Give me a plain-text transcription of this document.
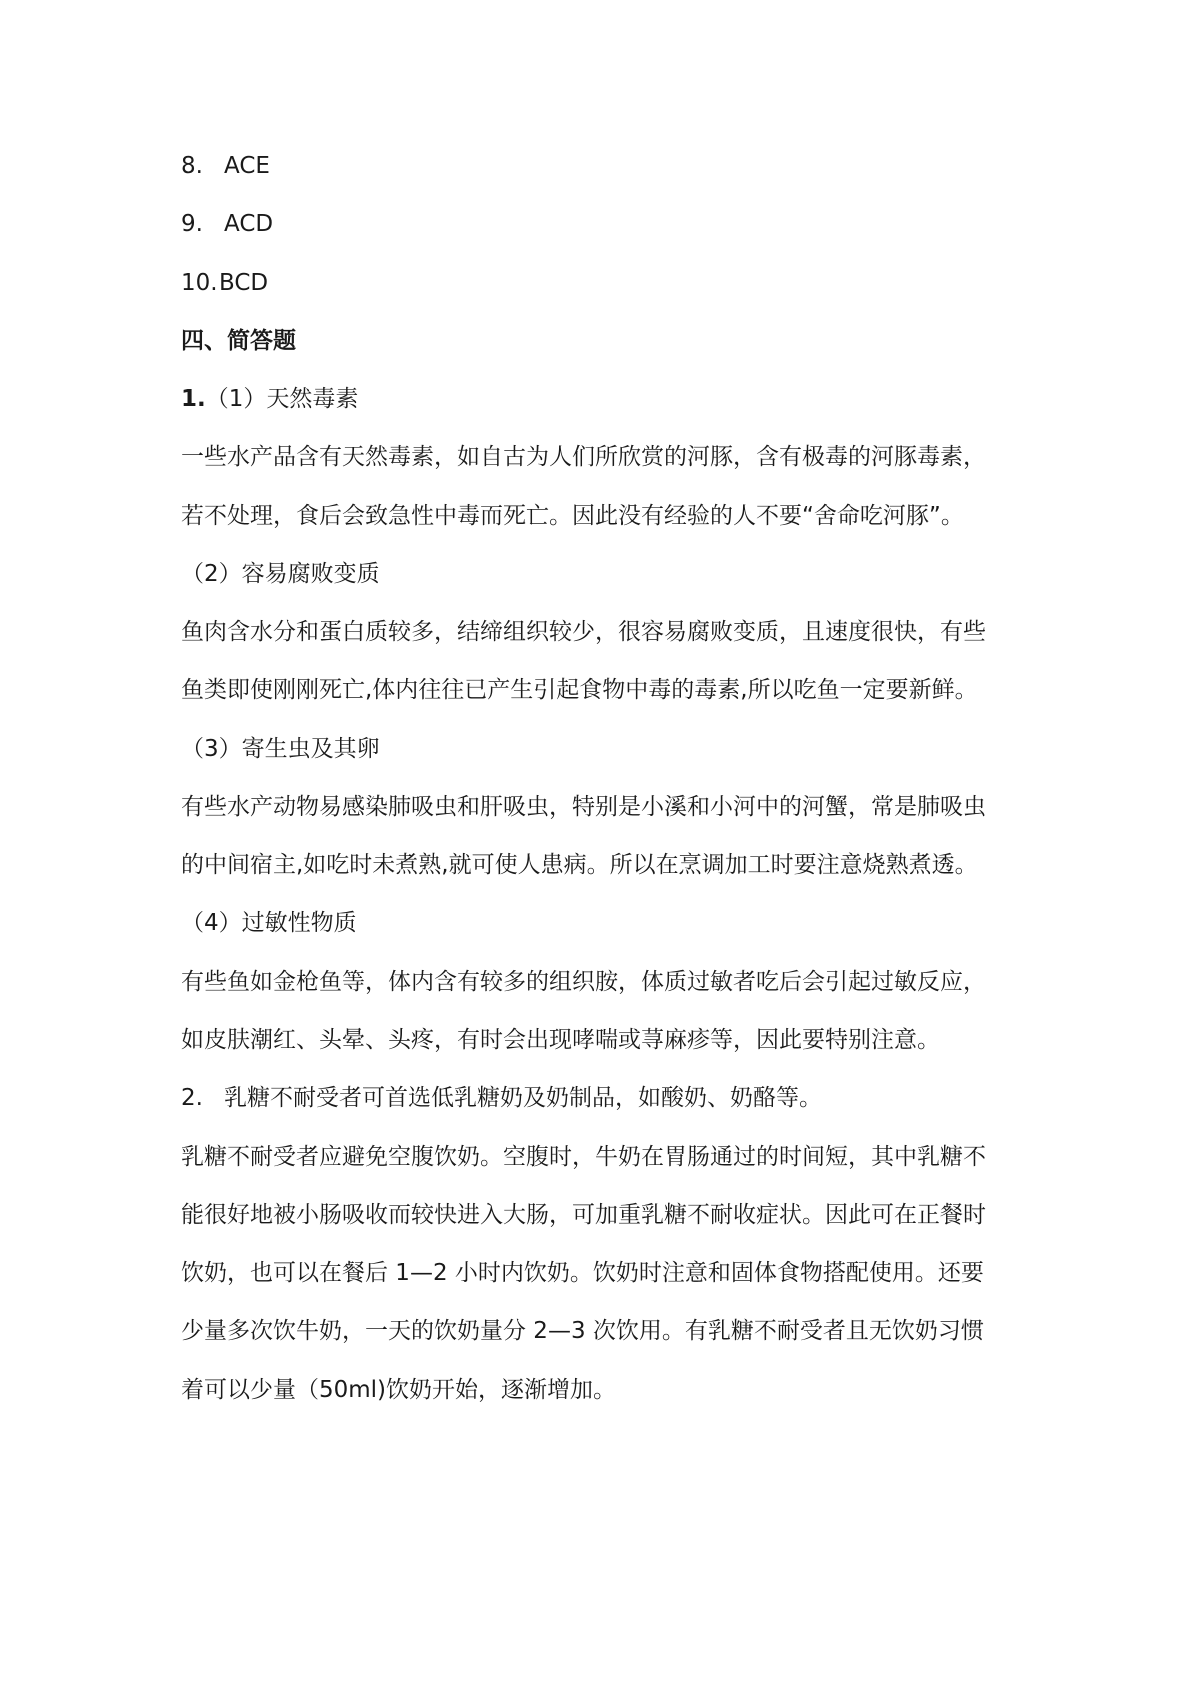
8. ACE

9. ACD

10.BCD

四、简答题

1.（1）天然毒素

一些水产品含有天然毒素，如自古为人们所欣赏的河豚，含有极毒的河豚毒素，

若不处理，食后会致急性中毒而死亡。因此没有经验的人不要“舍命吃河豚”。

（2）容易腐败变质

鱼肉含水分和蛋白质较多，结缔组织较少，很容易腐败变质，且速度很快，有些

鱼类即使刚刚死亡,体内往往已产生引起食物中毒的毒素,所以吃鱼一定要新鲜。

（3）寄生虫及其卵

有些水产动物易感染肺吸虫和肝吸虫，特别是小溪和小河中的河蟹，常是肺吸虫

的中间宿主,如吃时未煮熟,就可使人患病。所以在烹调加工时要注意烧熟煮透。

（4）过敏性物质

有些鱼如金枪鱼等，体内含有较多的组织胺，体质过敏者吃后会引起过敏反应，

如皮肤潮红、头晕、头疼，有时会出现哮喘或荨麻疹等，因此要特别注意。

2. 乳糖不耐受者可首选低乳糖奶及奶制品，如酸奶、奶酪等。

乳糖不耐受者应避免空腹饮奶。空腹时，牛奶在胃肠通过的时间短，其中乳糖不

能很好地被小肠吸收而较快进入大肠，可加重乳糖不耐收症状。因此可在正餐时

饮奶，也可以在餐后 1—2 小时内饮奶。饮奶时注意和固体食物搭配使用。还要

少量多次饮牛奶，一天的饮奶量分 2—3 次饮用。有乳糖不耐受者且无饮奶习惯

着可以少量（50ml)饮奶开始，逐渐增加。
